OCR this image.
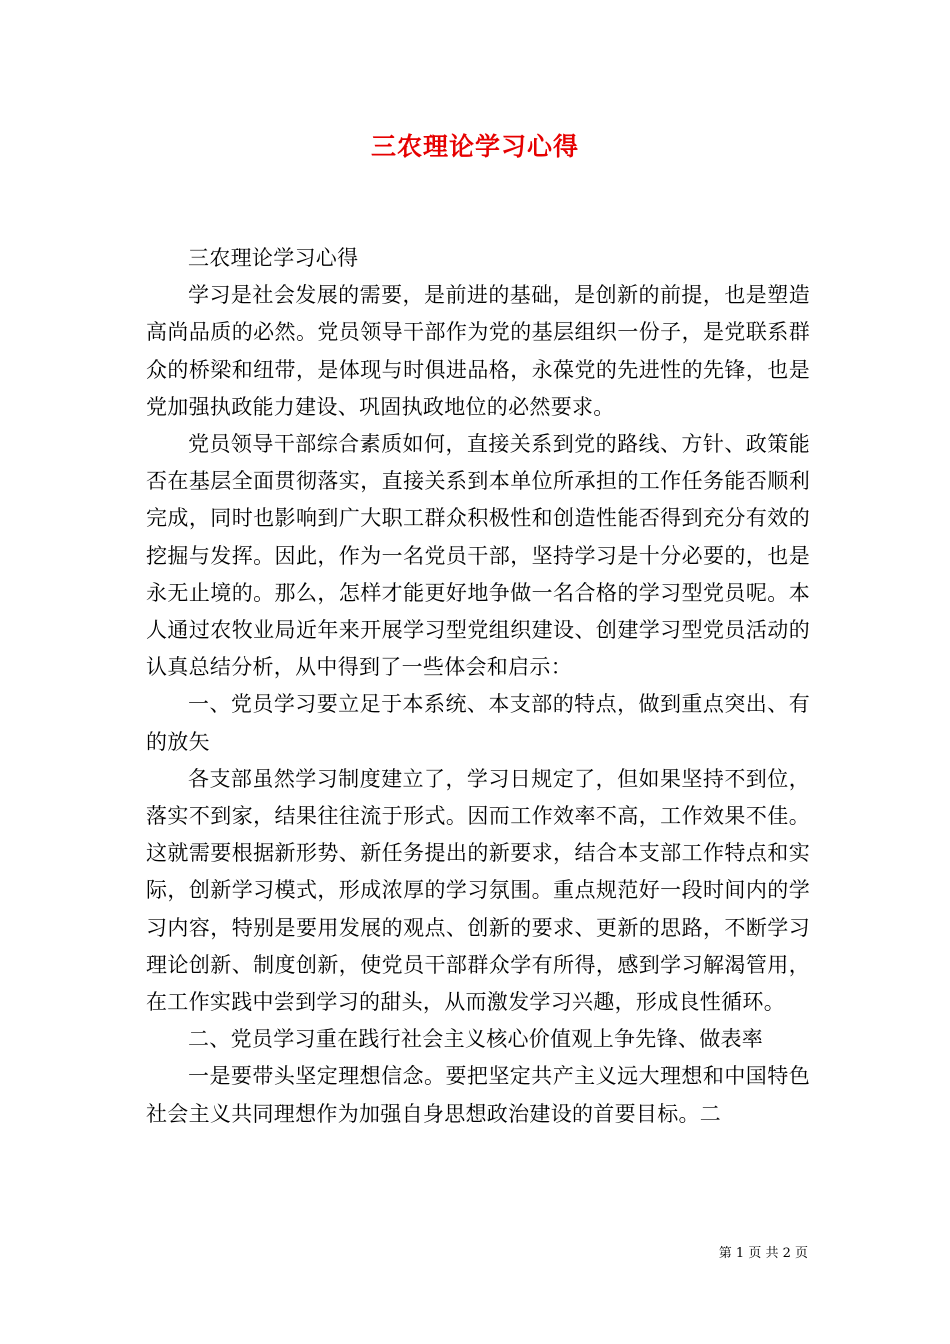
三农理论学习心得

三农理论学习心得

学习是社会发展的需要，是前进的基础，是创新的前提，也是塑造高尚品质的必然。党员领导干部作为党的基层组织一份子，是党联系群众的桥梁和纽带，是体现与时俱进品格，永葆党的先进性的先锋，也是党加强执政能力建设、巩固执政地位的必然要求。

党员领导干部综合素质如何，直接关系到党的路线、方针、政策能否在基层全面贯彻落实，直接关系到本单位所承担的工作任务能否顺利完成，同时也影响到广大职工群众积极性和创造性能否得到充分有效的挖掘与发挥。因此，作为一名党员干部，坚持学习是十分必要的，也是永无止境的。那么，怎样才能更好地争做一名合格的学习型党员呢。本人通过农牧业局近年来开展学习型党组织建设、创建学习型党员活动的认真总结分析，从中得到了一些体会和启示：

一、党员学习要立足于本系统、本支部的特点，做到重点突出、有的放矢

各支部虽然学习制度建立了，学习日规定了，但如果坚持不到位，落实不到家，结果往往流于形式。因而工作效率不高，工作效果不佳。这就需要根据新形势、新任务提出的新要求，结合本支部工作特点和实际，创新学习模式，形成浓厚的学习氛围。重点规范好一段时间内的学习内容，特别是要用发展的观点、创新的要求、更新的思路，不断学习理论创新、制度创新，使党员干部群众学有所得，感到学习解渴管用，在工作实践中尝到学习的甜头，从而激发学习兴趣，形成良性循环。

二、党员学习重在践行社会主义核心价值观上争先锋、做表率

一是要带头坚定理想信念。要把坚定共产主义远大理想和中国特色社会主义共同理想作为加强自身思想政治建设的首要目标。二

第 1 页 共 2 页
